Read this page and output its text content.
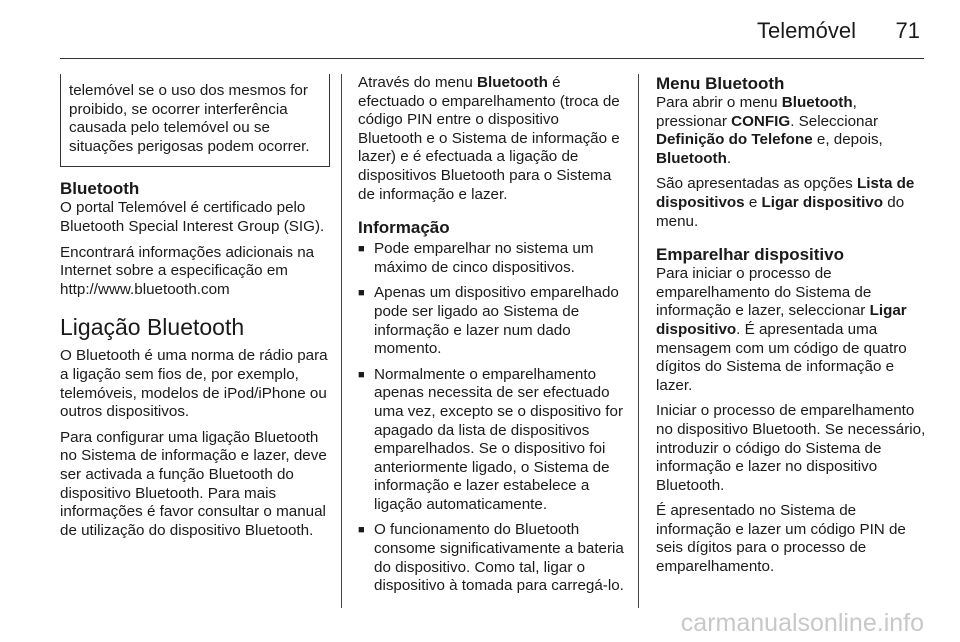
Telemóvel 71
telemóvel se o uso dos mesmos for proibido, se ocorrer interferência causada pelo telemóvel ou se situações perigosas podem ocorrer.
Bluetooth

O portal Telemóvel é certificado pelo Bluetooth Special Interest Group (SIG).

Encontrará informações adicionais na Internet sobre a especificação em http://www.bluetooth.com

Ligação Bluetooth

O Bluetooth é uma norma de rádio para a ligação sem fios de, por exemplo, telemóveis, modelos de iPod/iPhone ou outros dispositivos.

Para configurar uma ligação Bluetooth no Sistema de informação e lazer, deve ser activada a função Bluetooth do dispositivo Bluetooth. Para mais informações é favor consultar o manual de utilização do dispositivo Bluetooth.

Através do menu Bluetooth é efectuado o emparelhamento (troca de código PIN entre o dispositivo Bluetooth e o Sistema de informação e lazer) e é efectuada a ligação de dispositivos Bluetooth para o Sistema de informação e lazer.

Informação
■ Pode emparelhar no sistema um máximo de cinco dispositivos.
■ Apenas um dispositivo emparelhado pode ser ligado ao Sistema de informação e lazer num dado momento.
■ Normalmente o emparelhamento apenas necessita de ser efectuado uma vez, excepto se o dispositivo for apagado da lista de dispositivos emparelhados. Se o dispositivo foi anteriormente ligado, o Sistema de informação e lazer estabelece a ligação automaticamente.
■ O funcionamento do Bluetooth consome significativamente a bateria do dispositivo. Como tal, ligar o dispositivo à tomada para carregá-lo.
Menu Bluetooth

Para abrir o menu Bluetooth, pressionar CONFIG. Seleccionar Definição do Telefone e, depois, Bluetooth.

São apresentadas as opções Lista de dispositivos e Ligar dispositivo do menu.

Emparelhar dispositivo

Para iniciar o processo de emparelhamento do Sistema de informação e lazer, seleccionar Ligar dispositivo. É apresentada uma mensagem com um código de quatro dígitos do Sistema de informação e lazer.

Iniciar o processo de emparelhamento no dispositivo Bluetooth. Se necessário, introduzir o código do Sistema de informação e lazer no dispositivo Bluetooth.

É apresentado no Sistema de informação e lazer um código PIN de seis dígitos para o processo de emparelhamento.

carmanualsonline.info
